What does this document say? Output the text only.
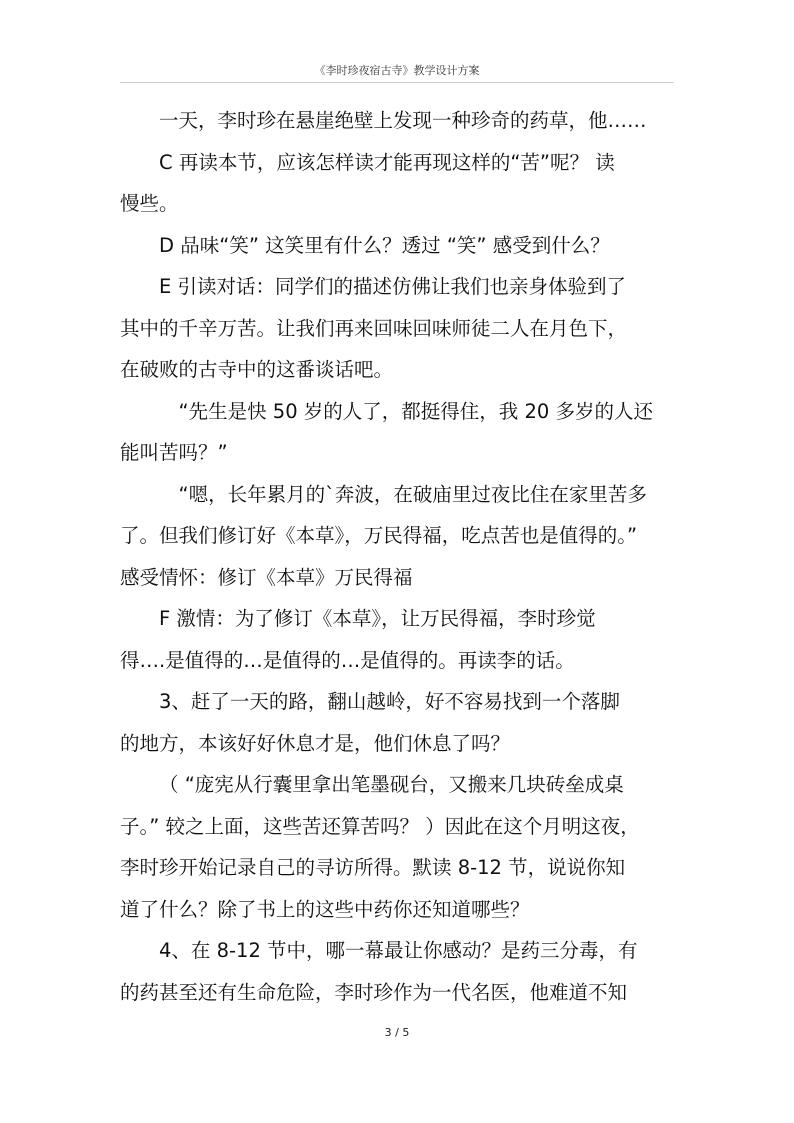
《李时珍夜宿古寺》教学设计方案
一天，李时珍在悬崖绝壁上发现一种珍奇的药草，他……
C 再读本节，应该怎样读才能再现这样的“苦”呢？ 读
慢些。
D 品味“笑” 这笑里有什么？透过 “笑” 感受到什么？
E 引读对话：同学们的描述仿佛让我们也亲身体验到了
其中的千辛万苦。让我们再来回味回味师徒二人在月色下，
在破败的古寺中的这番谈话吧。
“先生是快 50 岁的人了，都挺得住，我 20 多岁的人还
能叫苦吗？”
“嗯，长年累月的`奔波，在破庙里过夜比住在家里苦多
了。但我们修订好《本草》，万民得福，吃点苦也是值得的。”
感受情怀：修订《本草》万民得福
F 激情：为了修订《本草》，让万民得福，李时珍觉
得….是值得的…是值得的…是值得的。再读李的话。
3、赶了一天的路，翻山越岭，好不容易找到一个落脚
的地方，本该好好休息才是，他们休息了吗？
（ “庞宪从行囊里拿出笔墨砚台，又搬来几块砖垒成桌
子。” 较之上面，这些苦还算苦吗？ ）因此在这个月明这夜，
李时珍开始记录自己的寻访所得。默读 8-12 节，说说你知
道了什么？除了书上的这些中药你还知道哪些？
4、在 8-12 节中，哪一幕最让你感动？是药三分毒，有
的药甚至还有生命危险，李时珍作为一代名医，他难道不知
3 / 5
